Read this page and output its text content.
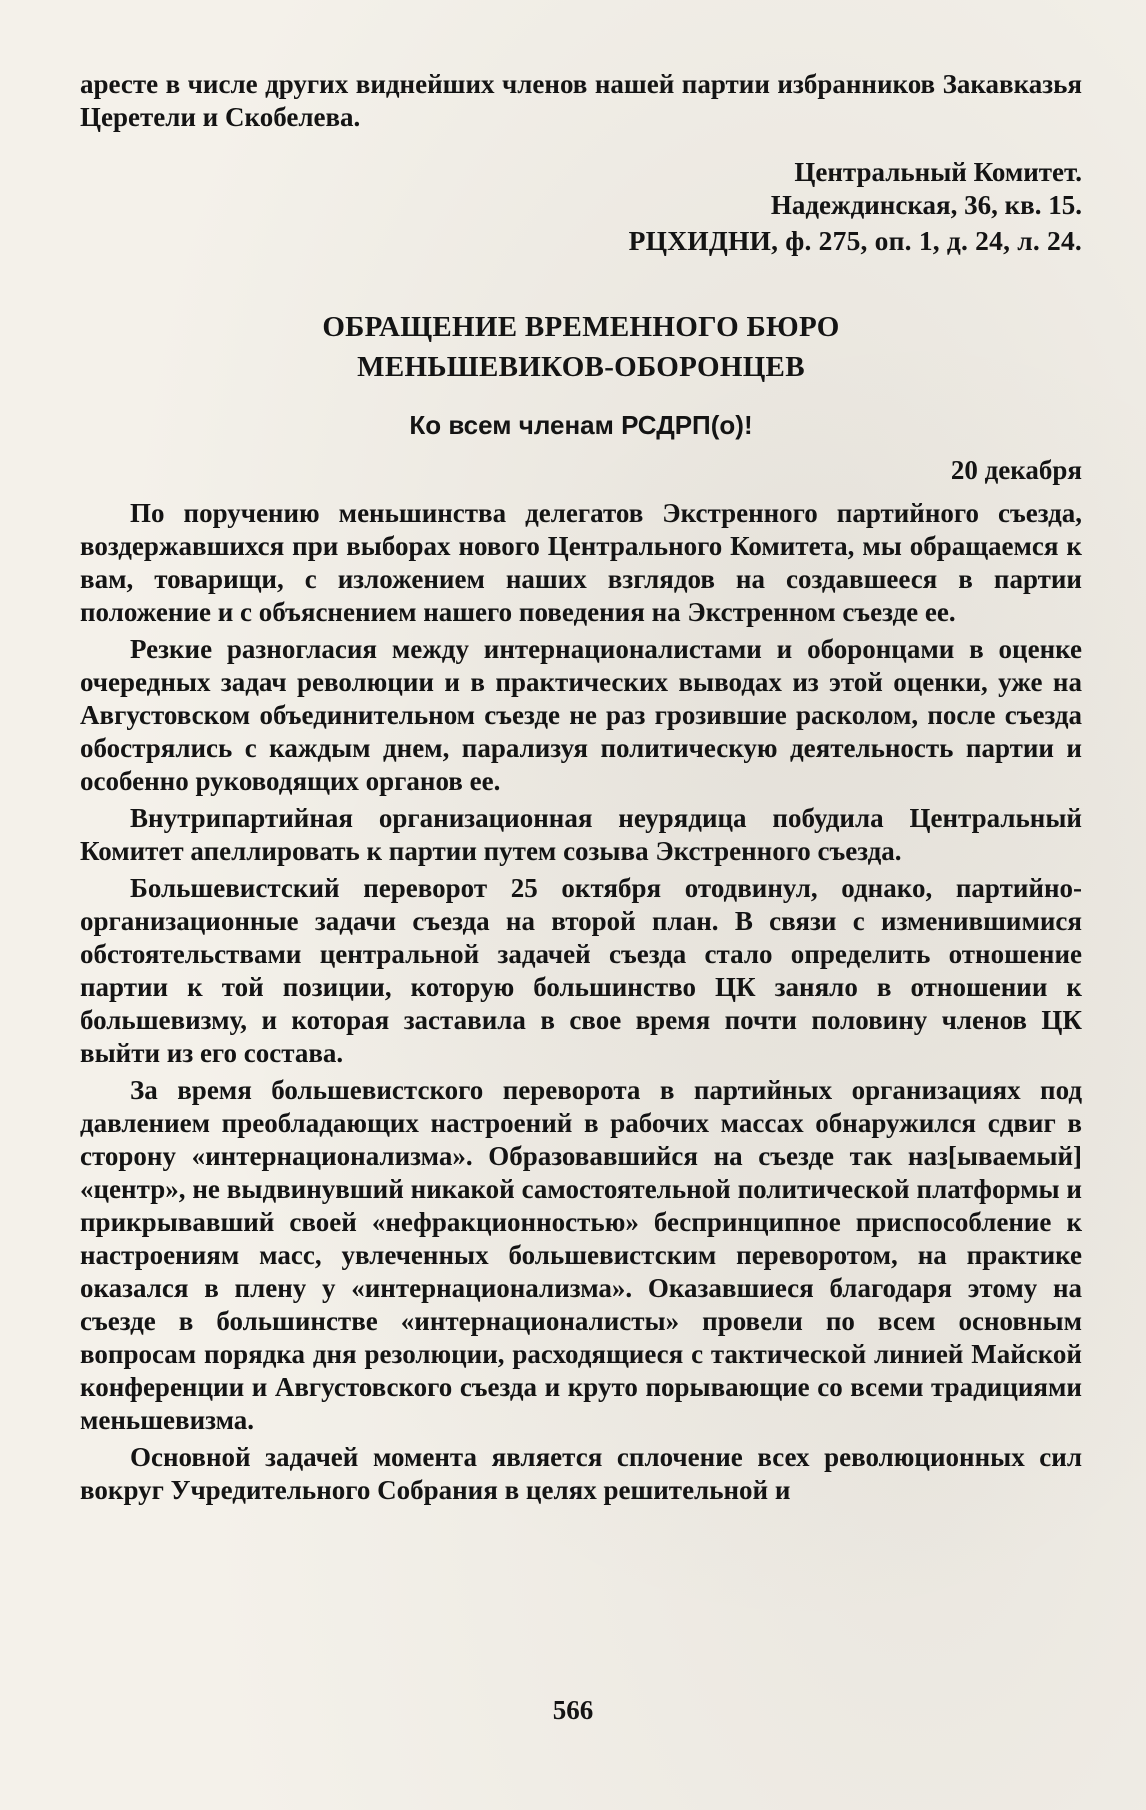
аресте в числе других виднейших членов нашей партии избранников Закавказья Церетели и Скобелева.

Центральный Комитет.
Надеждинская, 36, кв. 15.
РЦХИДНИ, ф. 275, оп. 1, д. 24, л. 24.
ОБРАЩЕНИЕ ВРЕМЕННОГО БЮРО
МЕНЬШЕВИКОВ-ОБОРОНЦЕВ
Ко всем членам РСДРП(о)!
20 декабря

По поручению меньшинства делегатов Экстренного партийного съезда, воздержавшихся при выборах нового Центрального Комитета, мы обращаемся к вам, товарищи, с изложением наших взглядов на создавшееся в партии положение и с объяснением нашего поведения на Экстренном съезде ее.

Резкие разногласия между интернационалистами и оборонцами в оценке очередных задач революции и в практических выводах из этой оценки, уже на Августовском объединительном съезде не раз грозившие расколом, после съезда обострялись с каждым днем, парализуя политическую деятельность партии и особенно руководящих органов ее.

Внутрипартийная организационная неурядица побудила Центральный Комитет апеллировать к партии путем созыва Экстренного съезда.

Большевистский переворот 25 октября отодвинул, однако, партийно-организационные задачи съезда на второй план. В связи с изменившимися обстоятельствами центральной задачей съезда стало определить отношение партии к той позиции, которую большинство ЦК заняло в отношении к большевизму, и которая заставила в свое время почти половину членов ЦК выйти из его состава.

За время большевистского переворота в партийных организациях под давлением преобладающих настроений в рабочих массах обнаружился сдвиг в сторону «интернационализма». Образовавшийся на съезде так наз[ываемый] «центр», не выдвинувший никакой самостоятельной политической платформы и прикрывавший своей «нефракционностью» беспринципное приспособление к настроениям масс, увлеченных большевистским переворотом, на практике оказался в плену у «интернационализма». Оказавшиеся благодаря этому на съезде в большинстве «интернационалисты» провели по всем основным вопросам порядка дня резолюции, расходящиеся с тактической линией Майской конференции и Августовского съезда и круто порывающие со всеми традициями меньшевизма.

Основной задачей момента является сплочение всех революционных сил вокруг Учредительного Собрания в целях решительной и

566
